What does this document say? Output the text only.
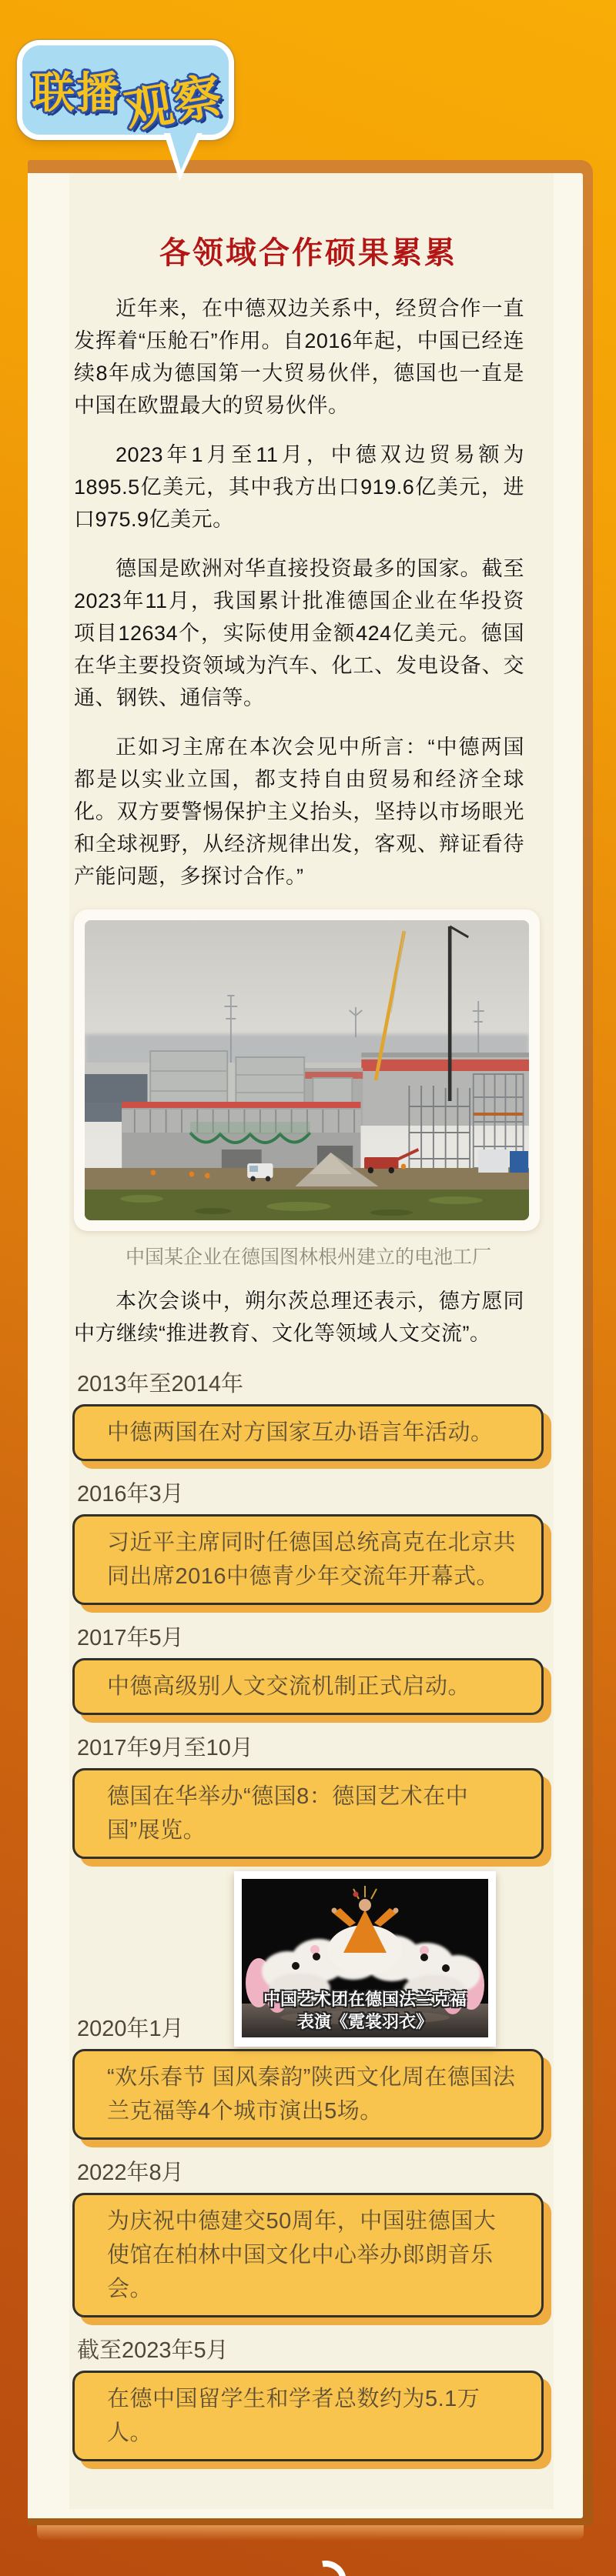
联播 观察
各领域合作硕果累累

近年来，在中德双边关系中，经贸合作一直发挥着“压舱石”作用。自2016年起，中国已经连续8年成为德国第一大贸易伙伴，德国也一直是中国在欧盟最大的贸易伙伴。

2023年1月至11月，中德双边贸易额为1895.5亿美元，其中我方出口919.6亿美元，进口975.9亿美元。

德国是欧洲对华直接投资最多的国家。截至2023年11月，我国累计批准德国企业在华投资项目12634个，实际使用金额424亿美元。德国在华主要投资领域为汽车、化工、发电设备、交通、钢铁、通信等。

正如习主席在本次会见中所言：“中德两国都是以实业立国，都支持自由贸易和经济全球化。双方要警惕保护主义抬头，坚持以市场眼光和全球视野，从经济规律出发，客观、辩证看待产能问题，多探讨合作。”

中国某企业在德国图林根州建立的电池工厂

本次会谈中，朔尔茨总理还表示，德方愿同中方继续“推进教育、文化等领域人文交流”。

2013年至2014年
中德两国在对方国家互办语言年活动。
2016年3月
习近平主席同时任德国总统高克在北京共同出席2016中德青少年交流年开幕式。
2017年5月
中德高级别人文交流机制正式启动。
2017年9月至10月
德国在华举办“德国8：德国艺术在中国”展览。
中国艺术团在德国法兰克福
表演《霓裳羽衣》
2020年1月
“欢乐春节 国风秦韵”陕西文化周在德国法兰克福等4个城市演出5场。
2022年8月
为庆祝中德建交50周年，中国驻德国大使馆在柏林中国文化中心举办郎朗音乐会。
截至2023年5月
在德中国留学生和学者总数约为5.1万人。
